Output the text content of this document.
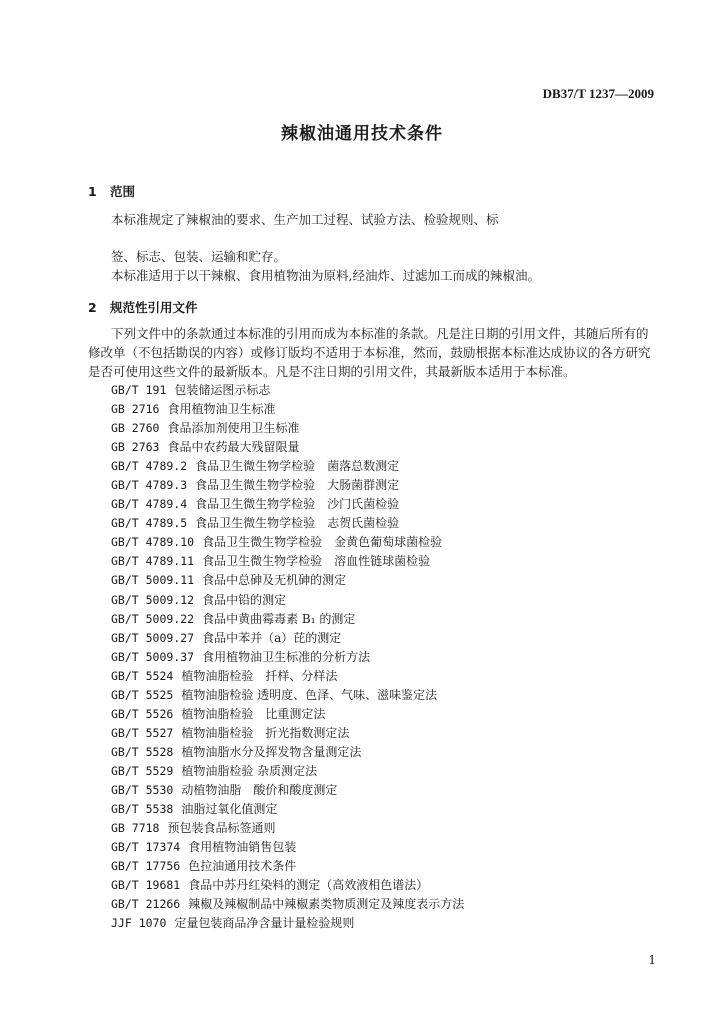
DB37/T 1237—2009
辣椒油通用技术条件
1 范围
本标准规定了辣椒油的要求、生产加工过程、试验方法、检验规则、标
签、标志、包装、运输和贮存。
本标准适用于以干辣椒、食用植物油为原料,经油炸、过滤加工而成的辣椒油。
2 规范性引用文件
下列文件中的条款通过本标准的引用而成为本标准的条款。凡是注日期的引用文件，其随后所有的
修改单（不包括勘误的内容）或修订版均不适用于本标准，然而，鼓励根据本标准达成协议的各方研究
是否可使用这些文件的最新版本。凡是不注日期的引用文件，其最新版本适用于本标准。
GB/T 191 包装储运图示标志
GB 2716 食用植物油卫生标准
GB 2760 食品添加剂使用卫生标准
GB 2763 食品中农药最大残留限量
GB/T 4789.2 食品卫生微生物学检验　菌落总数测定
GB/T 4789.3 食品卫生微生物学检验　大肠菌群测定
GB/T 4789.4 食品卫生微生物学检验　沙门氏菌检验
GB/T 4789.5 食品卫生微生物学检验　志贺氏菌检验
GB/T 4789.10 食品卫生微生物学检验　金黄色葡萄球菌检验
GB/T 4789.11 食品卫生微生物学检验　溶血性链球菌检验
GB/T 5009.11 食品中总砷及无机砷的测定
GB/T 5009.12 食品中铅的测定
GB/T 5009.22 食品中黄曲霉毒素 B₁ 的测定
GB/T 5009.27 食品中苯并（a）芘的测定
GB/T 5009.37 食用植物油卫生标准的分析方法
GB/T 5524 植物油脂检验　扦样、分样法
GB/T 5525 植物油脂检验 透明度、色泽、气味、滋味鉴定法
GB/T 5526 植物油脂检验　比重测定法
GB/T 5527 植物油脂检验　折光指数测定法
GB/T 5528 植物油脂水分及挥发物含量测定法
GB/T 5529 植物油脂检验 杂质测定法
GB/T 5530 动植物油脂　酸价和酸度测定
GB/T 5538 油脂过氧化值测定
GB 7718 预包装食品标签通则
GB/T 17374 食用植物油销售包装
GB/T 17756 色拉油通用技术条件
GB/T 19681 食品中苏丹红染料的测定（高效液相色谱法）
GB/T 21266 辣椒及辣椒制品中辣椒素类物质测定及辣度表示方法
JJF 1070 定量包装商品净含量计量检验规则
1
